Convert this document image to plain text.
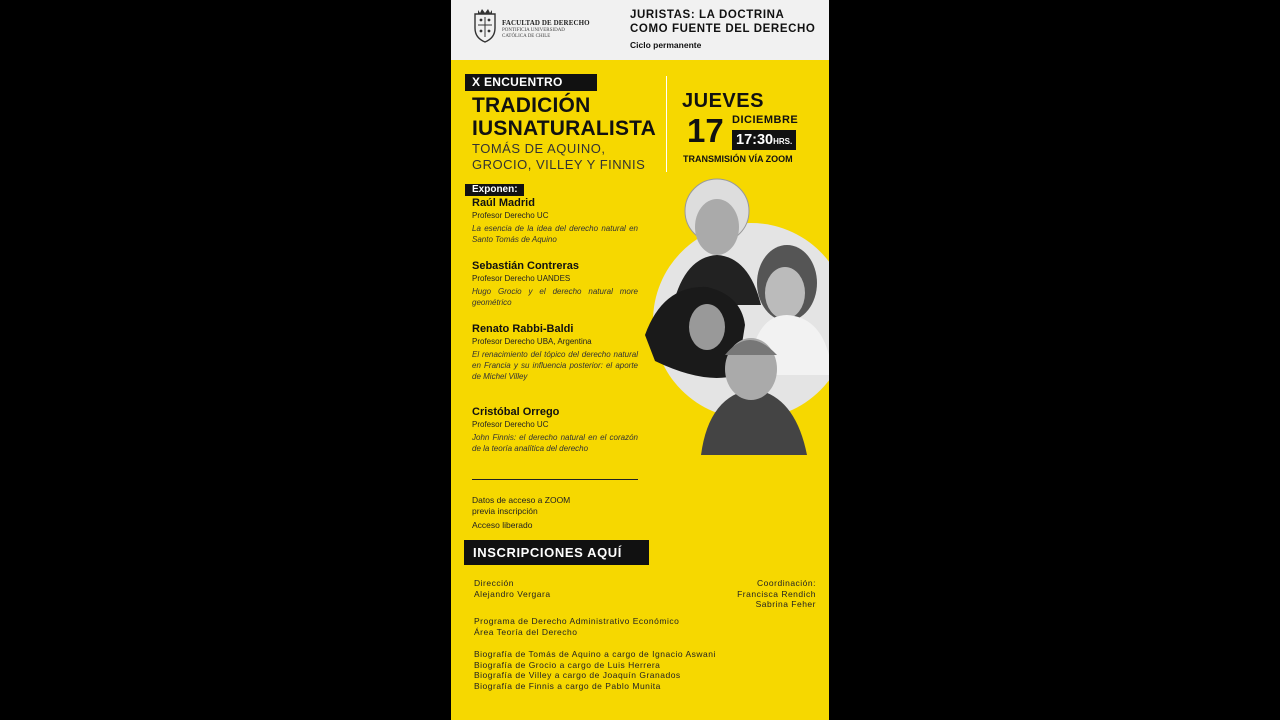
FACULTAD DE DERECHO
PONTIFICIA UNIVERSIDAD CATÓLICA DE CHILE
JURISTAS: LA DOCTRINA
COMO FUENTE DEL DERECHO
Ciclo permanente
X ENCUENTRO
TRADICIÓN
IUSNATURALISTA
TOMÁS DE AQUINO,
GROCIO, VILLEY Y FINNIS
JUEVES
17 DICIEMBRE
17:30HRS.
TRANSMISIÓN VÍA ZOOM
Exponen:
Raúl Madrid
Profesor Derecho UC
La esencia de la idea del derecho natural en Santo Tomás de Aquino
Sebastián Contreras
Profesor Derecho UANDES
Hugo Grocio y el derecho natural more geométrico
Renato Rabbi-Baldi
Profesor Derecho UBA, Argentina
El renacimiento del tópico del derecho natural en Francia y su influencia posterior: el aporte de Michel Villey
Cristóbal Orrego
Profesor Derecho UC
John Finnis: el derecho natural en el corazón de la teoría analítica del derecho
Datos de acceso a ZOOM
previa inscripción
Acceso liberado
INSCRIPCIONES AQUÍ
Dirección
Alejandro Vergara
Coordinación:
Francisca Rendich
Sabrina Feher
Programa de Derecho Administrativo Económico
Área Teoría del Derecho
Biografía de Tomás de Aquino a cargo de Ignacio Aswani
Biografía de Grocio a cargo de Luis Herrera
Biografía de Villey a cargo de Joaquín Granados
Biografía de Finnis a cargo de Pablo Munita
